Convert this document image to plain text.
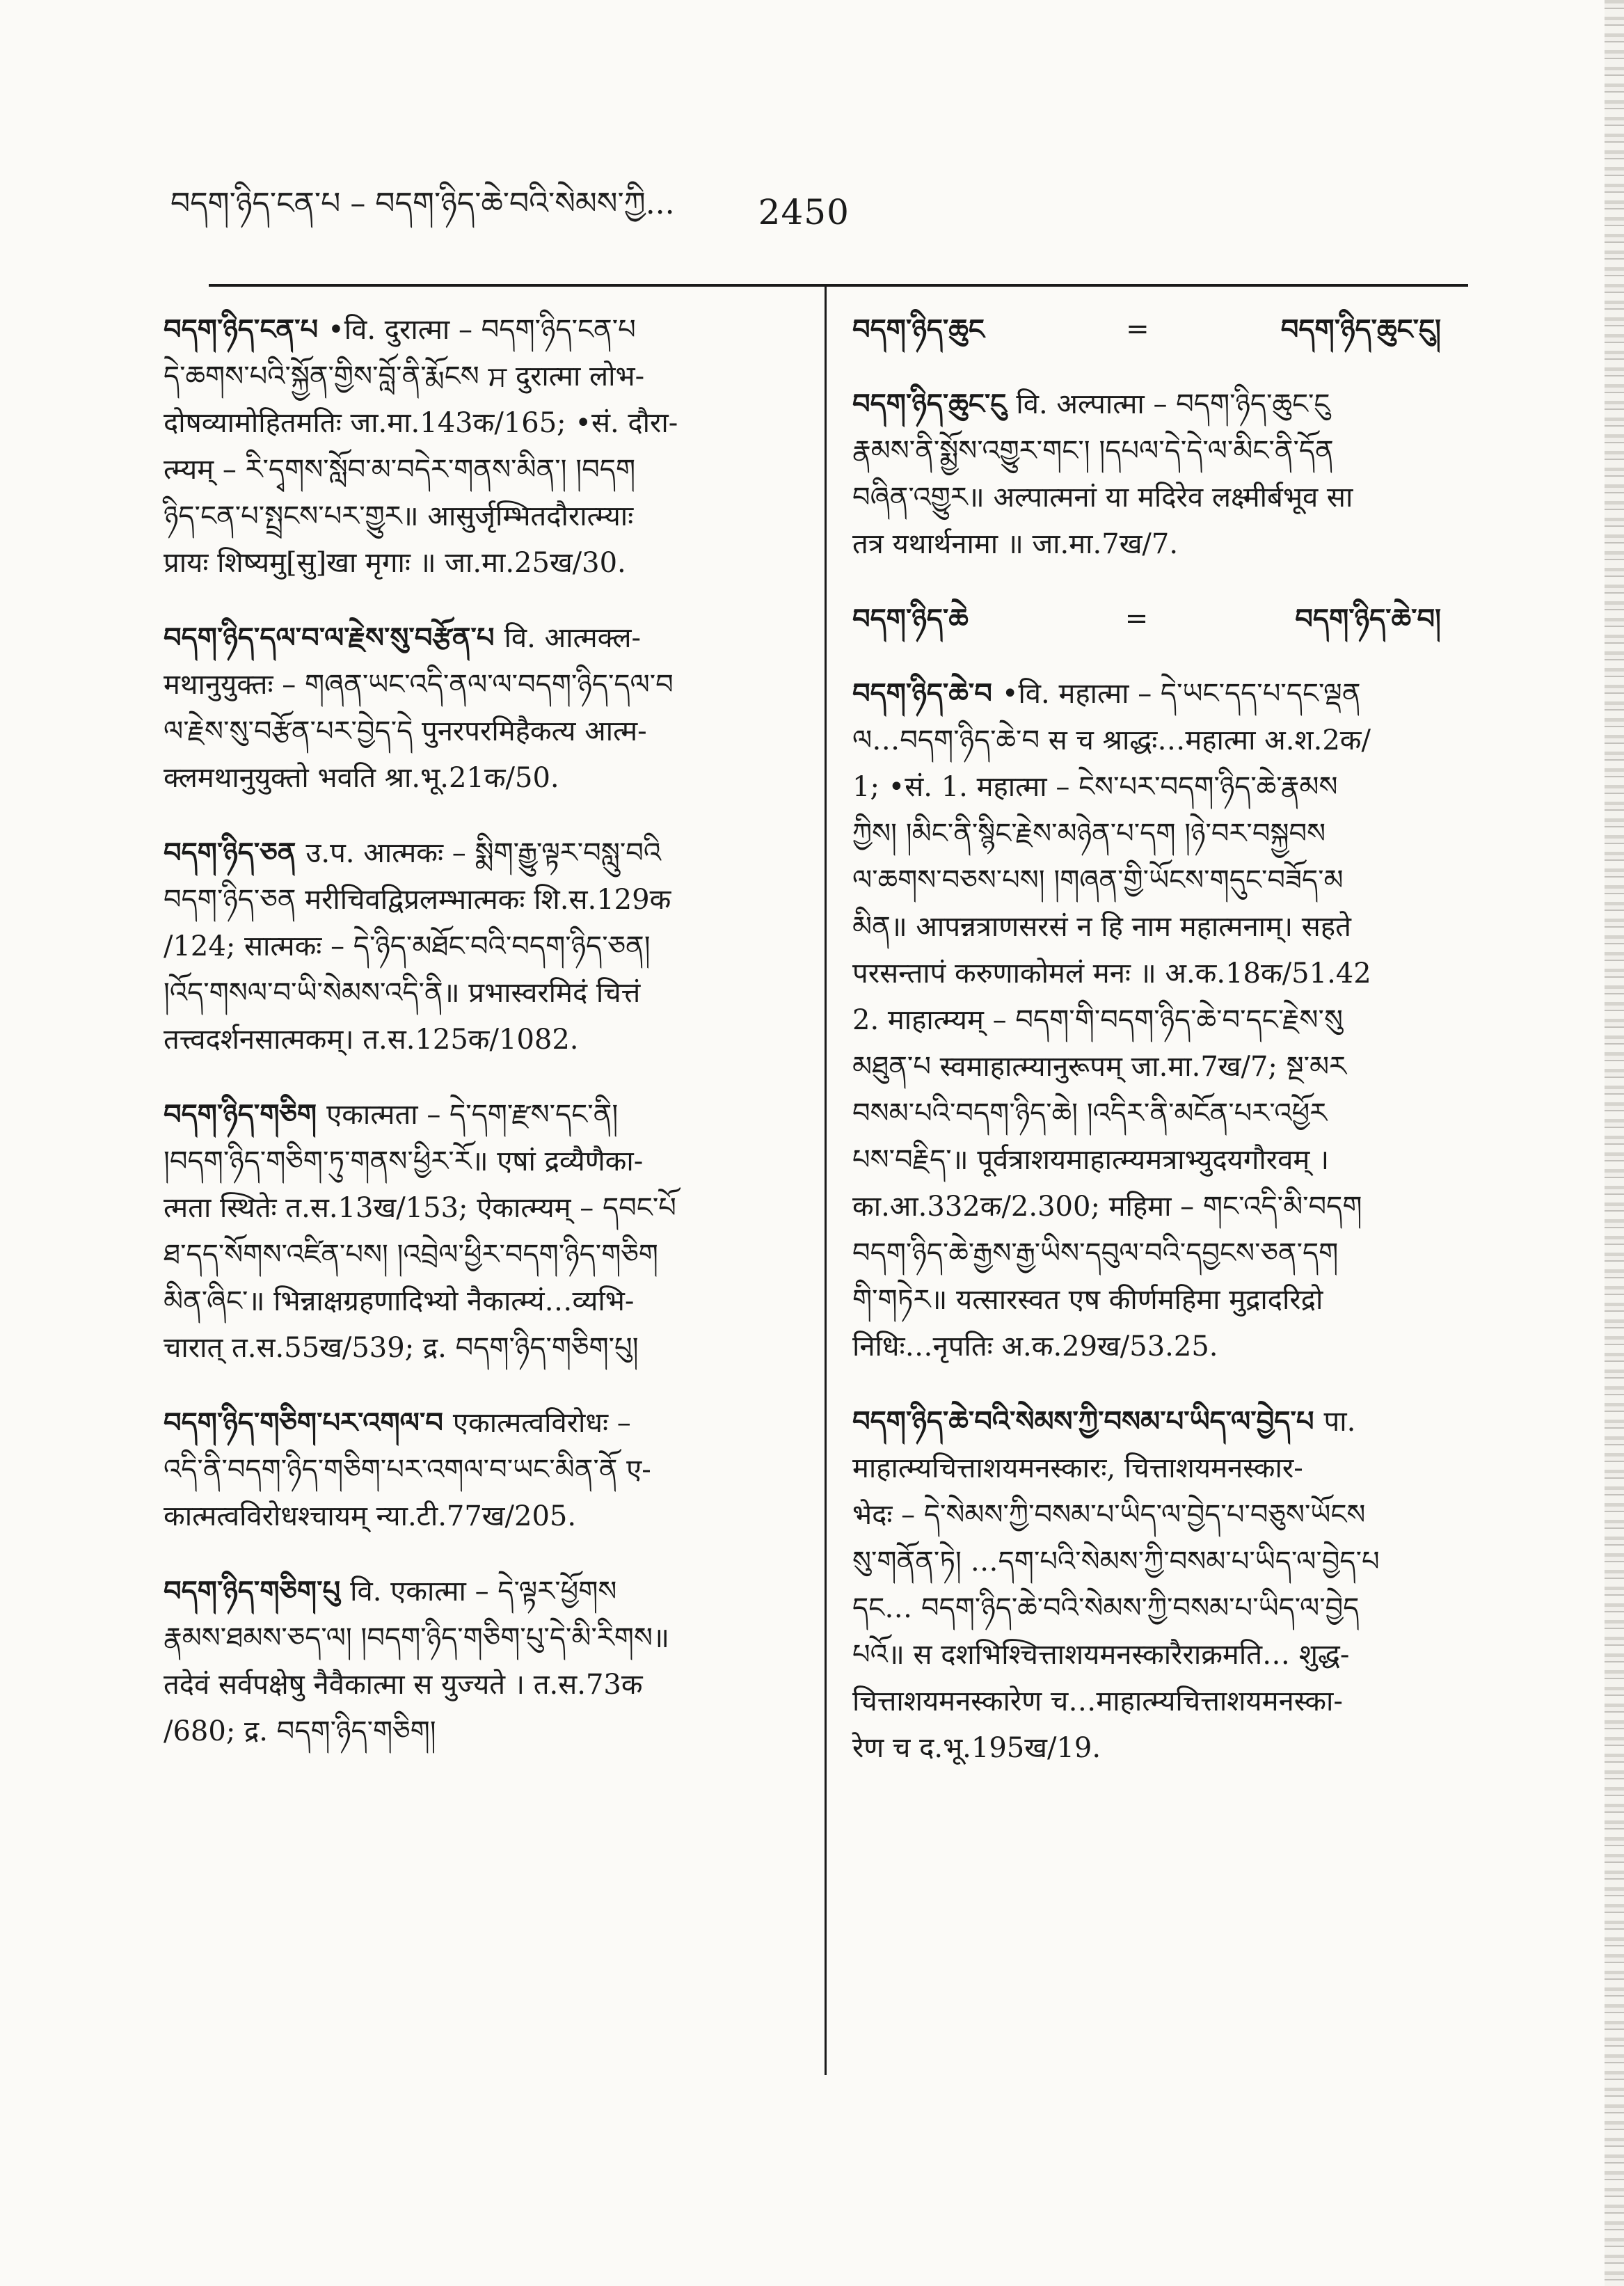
བདག་ཉིད་ངན་པ – བདག་ཉིད་ཆེ་བའི་སེམས་ཀྱི... 2450

བདག་ཉིད་ངན་པ •वि. दुरात्मा – བདག་ཉིད་ངན་པ

དེ་ཆགས་པའི་སྐྱོན་གྱིས་བློ་ནི་རྨོངས ਸ दुरात्मा लोभ-

दोषव्यामोहितमतिः जा.मा.143क/165; •सं. दौरा-

त्म्यम् – རི་དྭགས་སློབ་མ་བདེར་གནས་མིན་། །བདག

ཉིད་ངན་པ་སྤྲངས་པར་གྱུར॥ आसुर्जृम्भितदौरात्म्याः

प्रायः शिष्यमु[सु]खा मृगाः ॥ जा.मा.25ख/30.

བདག་ཉིད་དལ་བ་ལ་རྗེས་སུ་བརྩོན་པ वि. आत्मक्ल-

मथानुयुक्तः – གཞན་ཡང་འདི་ནལ་ལ་བདག་ཉིད་དལ་བ

ལ་རྗེས་སུ་བརྩོན་པར་བྱེད་དེ पुनरपरमिहैकत्य आत्म-

क्लमथानुयुक्तो भवति श्रा.भू.21क/50.

བདག་ཉིད་ཅན उ.प. आत्मकः – སྨིག་རྒྱུ་ལྟར་བསླུ་བའི

བདག་ཉིད་ཅན मरीचिवद्विप्रलम्भात्मकः शि.स.129क

/124; सात्मकः – དེ་ཉིད་མཐོང་བའི་བདག་ཉིད་ཅན།

།འོད་གསལ་བ་ཡི་སེམས་འདི་ནི॥ प्रभास्वरमिदं चित्तं

तत्त्वदर्शनसात्मकम्। त.स.125क/1082.

བདག་ཉིད་གཅིག एकात्मता – དེ་དག་རྫས་དང་ནི།

།བདག་ཉིད་གཅིག་ཏུ་གནས་ཕྱིར་རོ॥ एषां द्रव्यैणैका-

त्मता स्थितेः त.स.13ख/153; ऐकात्म्यम् – དབང་པོ

ཐ་དད་སོགས་འཛིན་པས། །འབྲེལ་ཕྱིར་བདག་ཉིད་གཅིག

མིན་ཞིང་॥ भिन्नाक्षग्रहणादिभ्यो नैकात्म्यं…व्यभि-

चारात् त.स.55ख/539; द्र. བདག་ཉིད་གཅིག་པུ།

བདག་ཉིད་གཅིག་པར་འགལ་བ एकात्मत्वविरोधः –

འདི་ནི་བདག་ཉིད་གཅིག་པར་འགལ་བ་ཡང་མིན་ནོ ए-

कात्मत्वविरोधश्चायम् न्या.टी.77ख/205.

བདག་ཉིད་གཅིག་པུ वि. एकात्मा – དེ་ལྟར་ཕྱོགས

རྣམས་ཐམས་ཅད་ལ། །བདག་ཉིད་གཅིག་པུ་དེ་མི་རིགས॥

तदेवं सर्वपक्षेषु नैवैकात्मा स युज्यते । त.स.73क

/680; द्र. བདག་ཉིད་གཅིག།

བདག་ཉིད་ཆུང	=	བདག་ཉིད་ཆུང་ངུ།

བདག་ཉིད་ཆུང་ངུ वि. अल्पात्मा – བདག་ཉིད་ཆུང་ངུ

རྣམས་ནི་སྨྱོས་འགྱུར་གང་། །དཔལ་དེ་དེ་ལ་མིང་ནི་དོན

བཞིན་འགྱུར॥ अल्पात्मनां या मदिरेव लक्ष्मीर्बभूव सा

तत्र यथार्थनामा ॥ जा.मा.7ख/7.

བདག་ཉིད་ཆེ	=	བདག་ཉིད་ཆེ་བ།

བདག་ཉིད་ཆེ་བ •वि. महात्मा – དེ་ཡང་དད་པ་དང་ལྡན

ལ…བདག་ཉིད་ཆེ་བ स च श्राद्धः…महात्मा अ.श.2क/

1; •सं. 1. महात्मा – ངེས་པར་བདག་ཉིད་ཆེ་རྣམས

ཀྱིས། །མིང་ནི་སྙིང་རྗེས་མཉེན་པ་དག །ཉེ་བར་བསྐྱབས

ལ་ཆགས་བཅས་པས། །གཞན་གྱི་ཡོངས་གདུང་བཟོད་མ

མིན॥ आपन्नत्राणसरसं न हि नाम महात्मनाम्। सहते

परसन्तापं करुणाकोमलं मनः ॥ अ.क.18क/51.42

2. माहात्म्यम् – བདག་གི་བདག་ཉིད་ཆེ་བ་དང་རྗེས་སུ

མཐུན་པ स्वमाहात्म्यानुरूपम् जा.मा.7ख/7; སྔ་མར

བསམ་པའི་བདག་ཉིད་ཆེ། །འདིར་ནི་མངོན་པར་འཕྱོར

པས་བརྗིད་॥ पूर्वत्राशयमाहात्म्यमत्राभ्युदयगौरवम् ।

का.आ.332क/2.300; महिमा – གང་འདི་མི་བདག

བདག་ཉིད་ཆེ་རྒྱས་རྒྱ་ཡིས་དབུལ་བའི་དབྱངས་ཅན་དག

གི་གཏེར॥ यत्सारस्वत एष कीर्णमहिमा मुद्रादरिद्रो

निधिः…नृपतिः अ.क.29ख/53.25.

བདག་ཉིད་ཆེ་བའི་སེམས་ཀྱི་བསམ་པ་ཡིད་ལ་བྱེད་པ पा.

माहात्म्यचित्ताशयमनस्कारः, चित्ताशयमनस्कार-

भेदः – དེ་སེམས་ཀྱི་བསམ་པ་ཡིད་ལ་བྱེད་པ་བཅུས་ཡོངས

སུ་གནོན་ཏེ། …དག་པའི་སེམས་ཀྱི་བསམ་པ་ཡིད་ལ་བྱེད་པ

དང… བདག་ཉིད་ཆེ་བའི་སེམས་ཀྱི་བསམ་པ་ཡིད་ལ་བྱེད

པའོ॥ स दशभिश्चित्ताशयमनस्कारैराक्रमति… शुद्ध-

चित्ताशयमनस्कारेण च…माहात्म्यचित्ताशयमनस्का-

रेण च द.भू.195ख/19.
